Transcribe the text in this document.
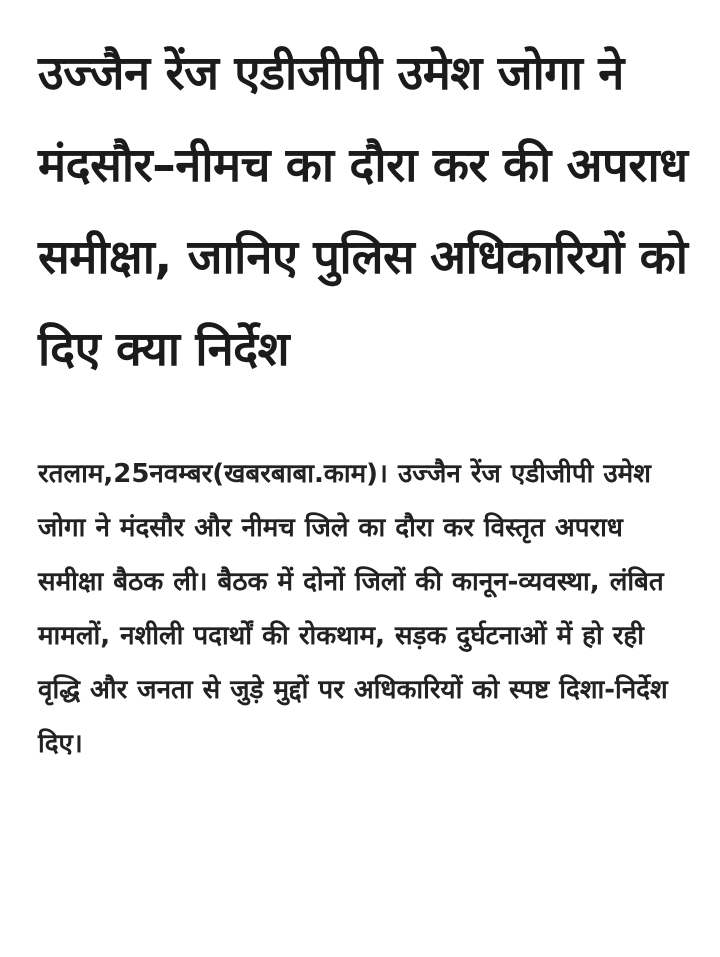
उज्जैन रेंज एडीजीपी उमेश जोगा ने मंदसौर–नीमच का दौरा कर की अपराध समीक्षा, जानिए पुलिस अधिकारियों को दिए क्या निर्देश

रतलाम,25नवम्बर(खबरबाबा.काम)। उज्जैन रेंज एडीजीपी उमेश जोगा ने मंदसौर और नीमच जिले का दौरा कर विस्तृत अपराध समीक्षा बैठक ली। बैठक में दोनों जिलों की कानून-व्यवस्था, लंबित मामलों, नशीली पदार्थों की रोकथाम, सड़क दुर्घटनाओं में हो रही वृद्धि और जनता से जुड़े मुद्दों पर अधिकारियों को स्पष्ट दिशा-निर्देश दिए।
